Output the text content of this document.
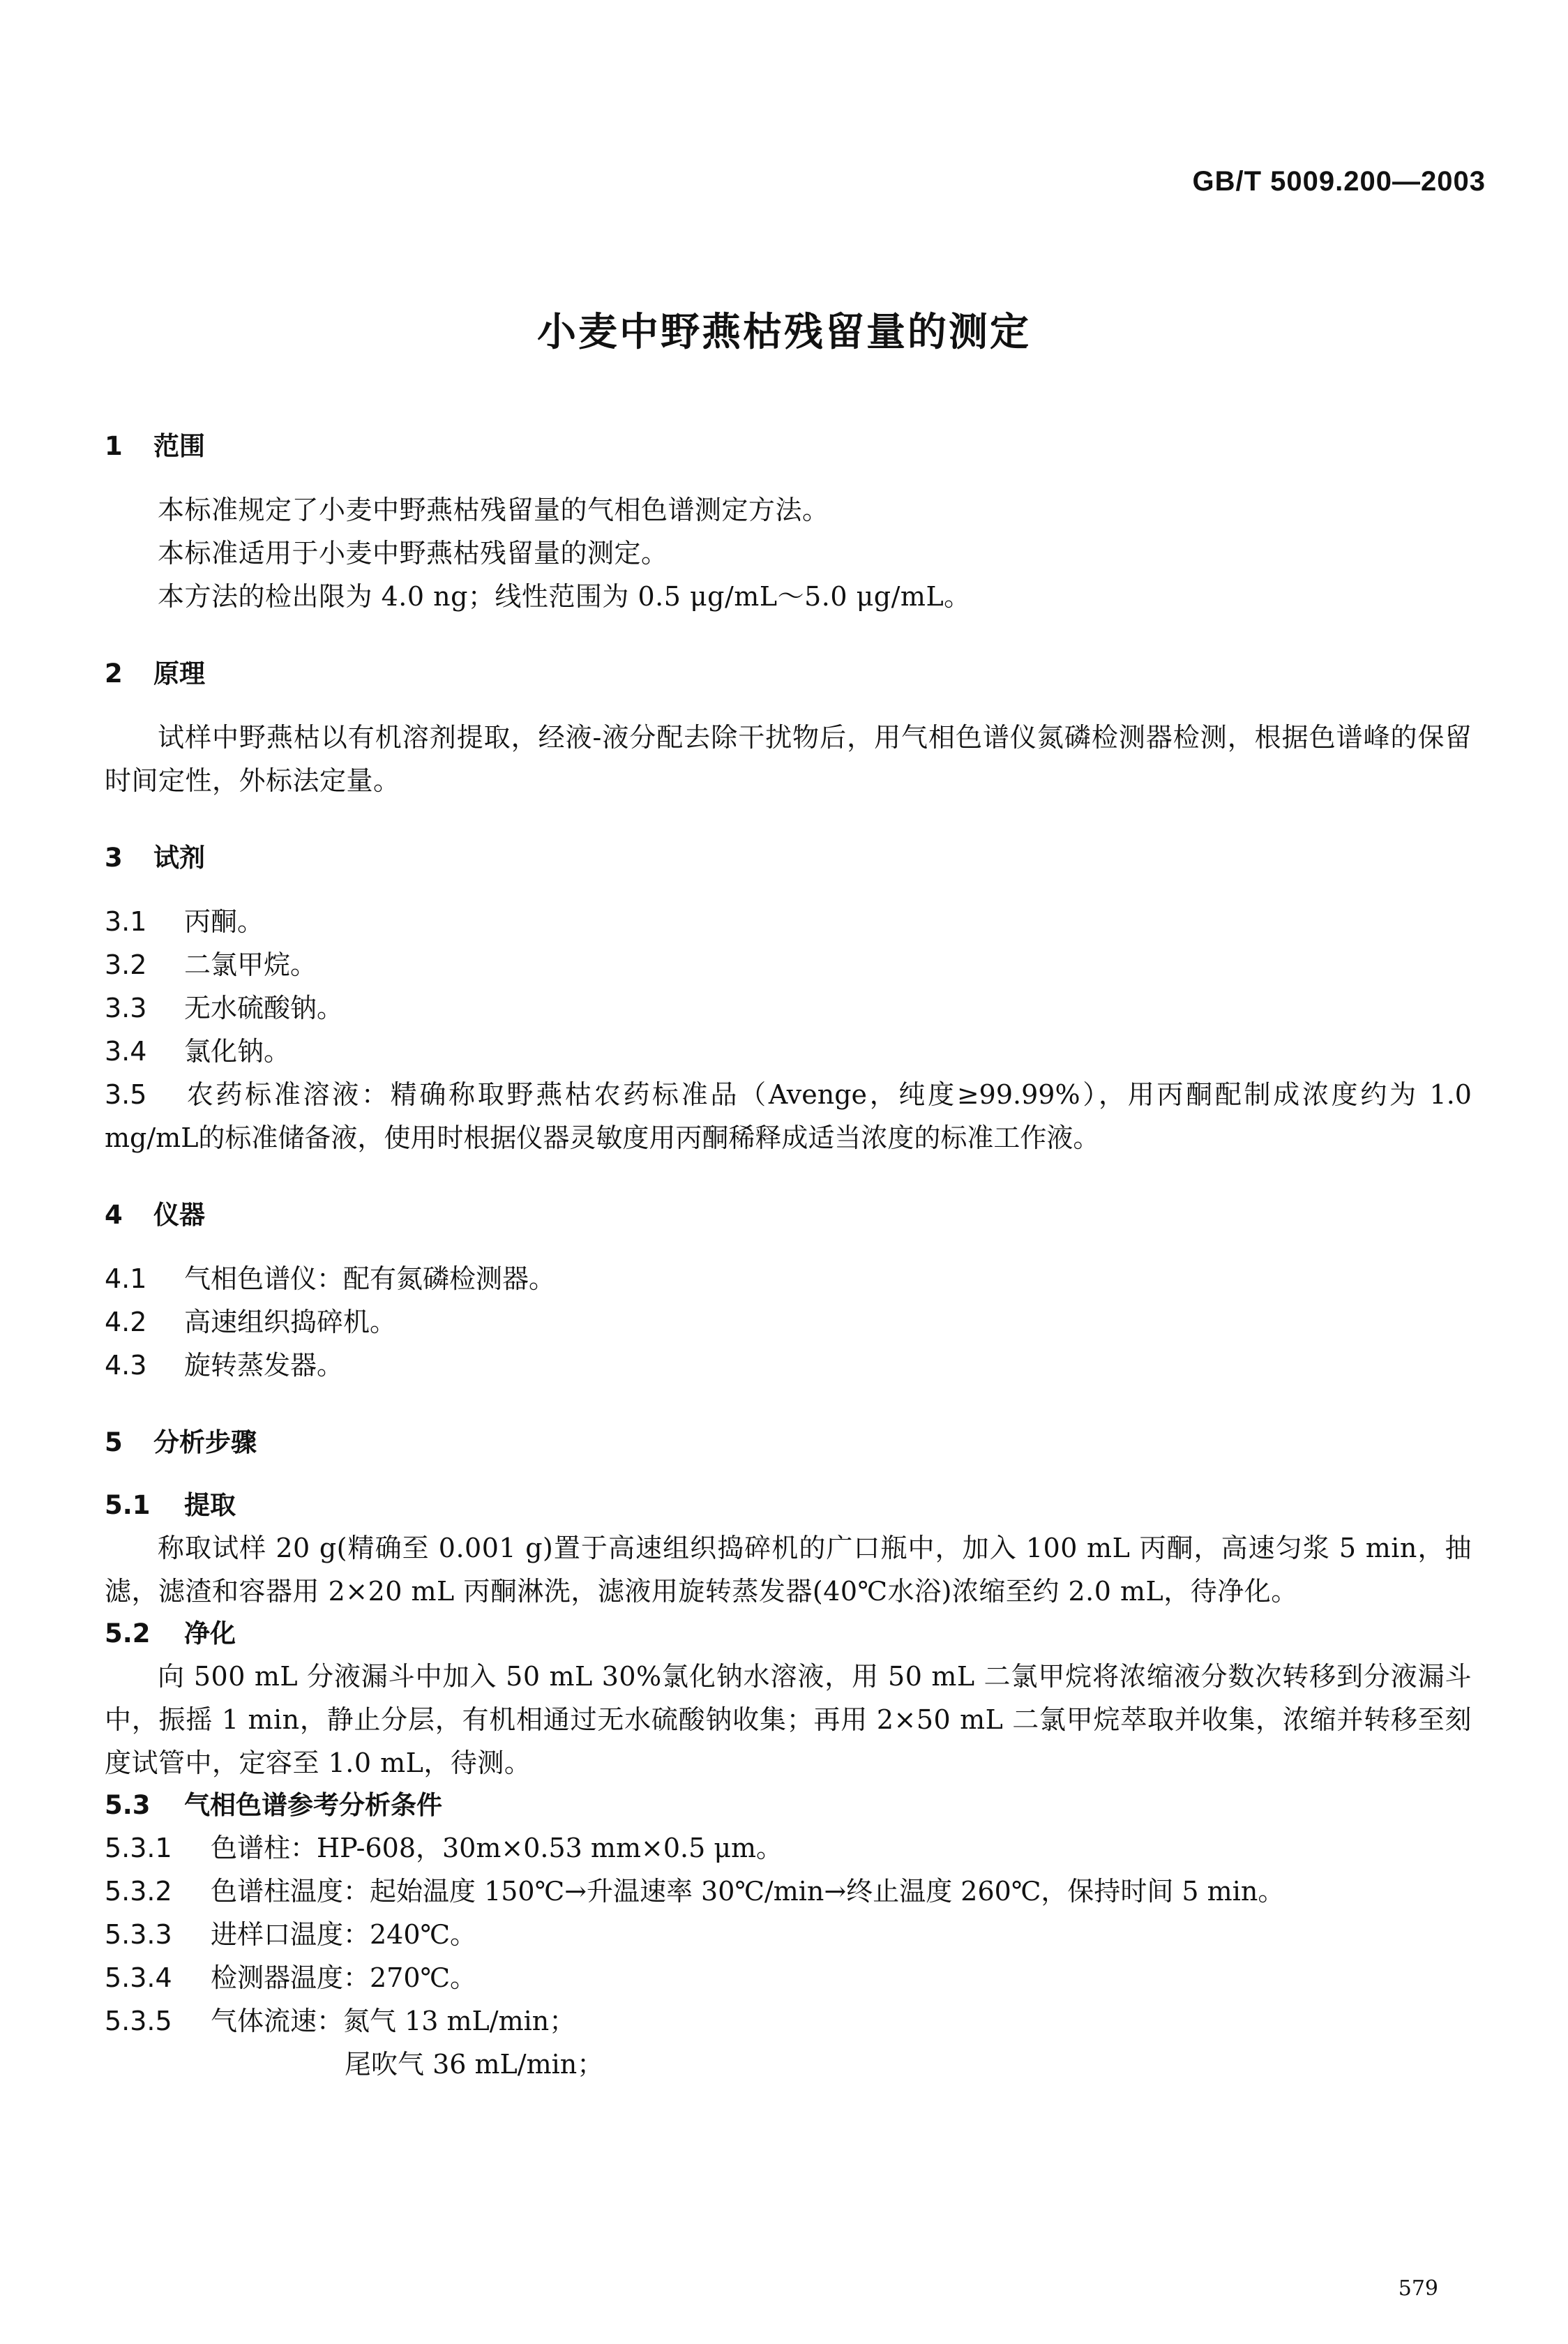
GB/T 5009.200—2003
小麦中野燕枯残留量的测定
1 范围
本标准规定了小麦中野燕枯残留量的气相色谱测定方法。
本标准适用于小麦中野燕枯残留量的测定。
本方法的检出限为 4.0 ng；线性范围为 0.5 μg/mL～5.0 μg/mL。
2 原理
试样中野燕枯以有机溶剂提取，经液-液分配去除干扰物后，用气相色谱仪氮磷检测器检测，根据色谱峰的保留时间定性，外标法定量。
3 试剂
3.1 丙酮。
3.2 二氯甲烷。
3.3 无水硫酸钠。
3.4 氯化钠。
3.5 农药标准溶液：精确称取野燕枯农药标准品（Avenge，纯度≥99.99%），用丙酮配制成浓度约为 1.0 mg/mL的标准储备液，使用时根据仪器灵敏度用丙酮稀释成适当浓度的标准工作液。
4 仪器
4.1 气相色谱仪：配有氮磷检测器。
4.2 高速组织捣碎机。
4.3 旋转蒸发器。
5 分析步骤
5.1 提取
称取试样 20 g(精确至 0.001 g)置于高速组织捣碎机的广口瓶中，加入 100 mL 丙酮，高速匀浆 5 min，抽滤，滤渣和容器用 2×20 mL 丙酮淋洗，滤液用旋转蒸发器(40℃水浴)浓缩至约 2.0 mL，待净化。
5.2 净化
向 500 mL 分液漏斗中加入 50 mL 30%氯化钠水溶液，用 50 mL 二氯甲烷将浓缩液分数次转移到分液漏斗中，振摇 1 min，静止分层，有机相通过无水硫酸钠收集；再用 2×50 mL 二氯甲烷萃取并收集，浓缩并转移至刻度试管中，定容至 1.0 mL，待测。
5.3 气相色谱参考分析条件
5.3.1 色谱柱：HP-608，30m×0.53 mm×0.5 μm。
5.3.2 色谱柱温度：起始温度 150℃→升温速率 30℃/min→终止温度 260℃，保持时间 5 min。
5.3.3 进样口温度：240℃。
5.3.4 检测器温度：270℃。
5.3.5 气体流速：氮气 13 mL/min；
尾吹气 36 mL/min；
579
